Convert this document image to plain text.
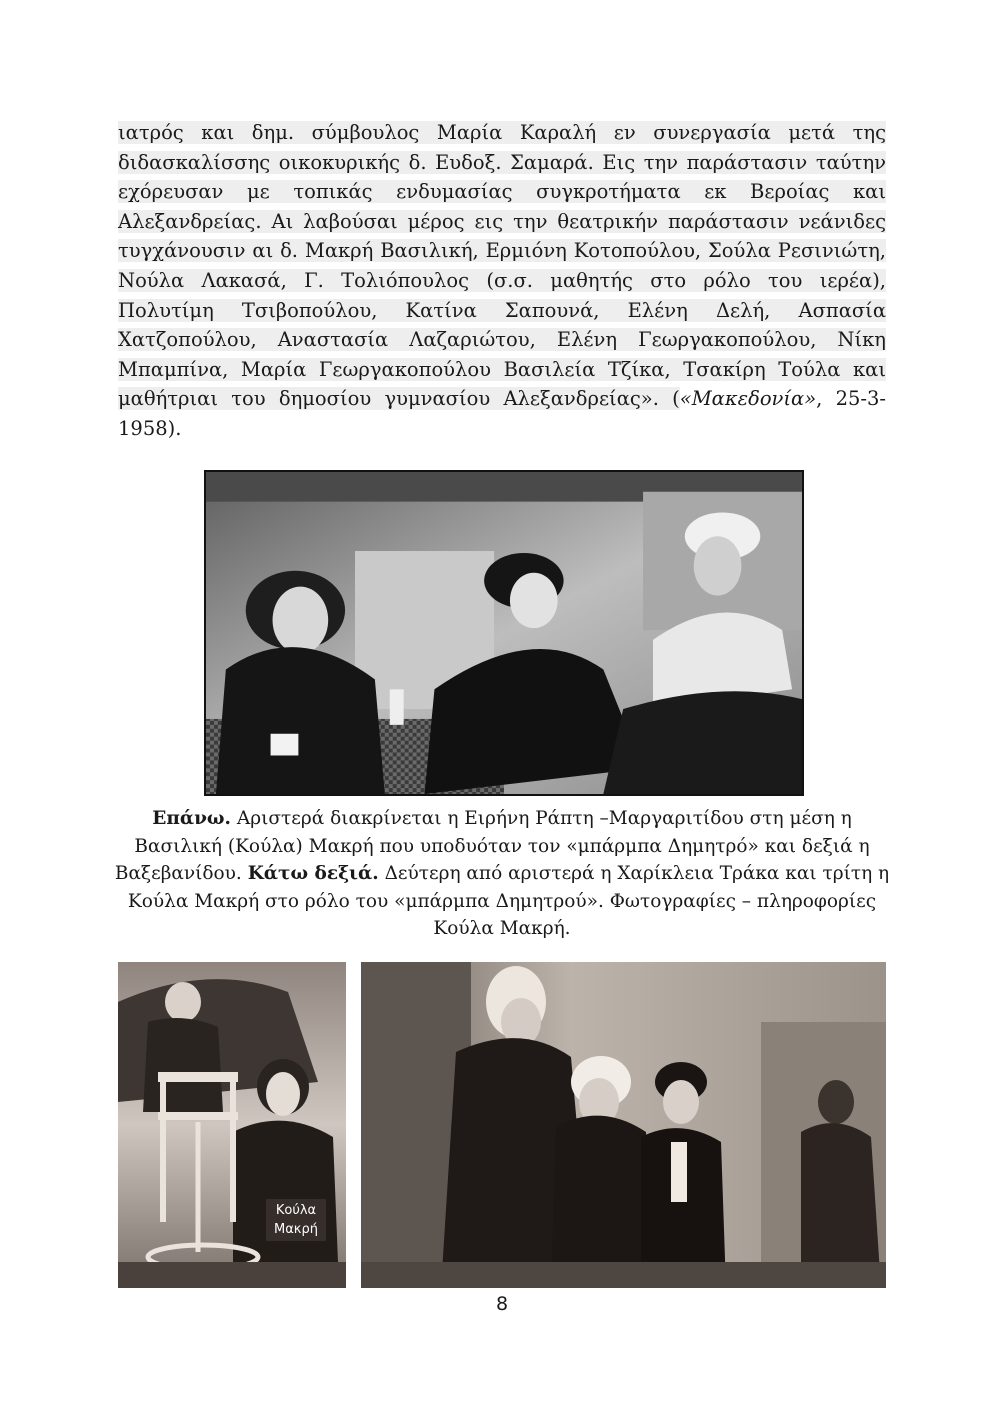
ιατρός και δημ. σύμβουλος Μαρία Καραλή εν συνεργασία μετά της διδασκαλίσσης οικοκυρικής δ. Ευδοξ. Σαμαρά. Εις την παράστασιν ταύτην εχόρευσαν με τοπικάς ενδυμασίας συγκροτήματα εκ Βεροίας και Αλεξανδρείας. Αι λαβούσαι μέρος εις την θεατρικήν παράστασιν νεάνιδες τυγχάνουσιν αι δ. Μακρή Βασιλική, Ερμιόνη Κοτοπούλου, Σούλα Ρεσινιώτη, Νούλα Λακασά, Γ. Τολιόπουλος (σ.σ. μαθητής στο ρόλο του ιερέα), Πολυτίμη Τσιβοπούλου, Κατίνα Σαπουνά, Ελένη Δελή, Ασπασία Χατζοπούλου, Αναστασία Λαζαριώτου, Ελένη Γεωργακοπούλου, Νίκη Μπαμπίνα, Μαρία Γεωργακοπούλου Βασιλεία Τζίκα, Τσακίρη Τούλα και μαθήτριαι του δημοσίου γυμνασίου Αλεξανδρείας». («Μακεδονία», 25-3-1958).

Επάνω. Αριστερά διακρίνεται η Ειρήνη Ράπτη –Μαργαριτίδου στη μέση η Βασιλική (Κούλα) Μακρή που υποδυόταν τον «μπάρμπα Δημητρό» και δεξιά η Βαξεβανίδου. Κάτω δεξιά. Δεύτερη από αριστερά η Χαρίκλεια Τράκα και τρίτη η Κούλα Μακρή στο ρόλο του «μπάρμπα Δημητρού». Φωτογραφίες – πληροφορίες Κούλα Μακρή.

Κούλα
Μακρή
8
